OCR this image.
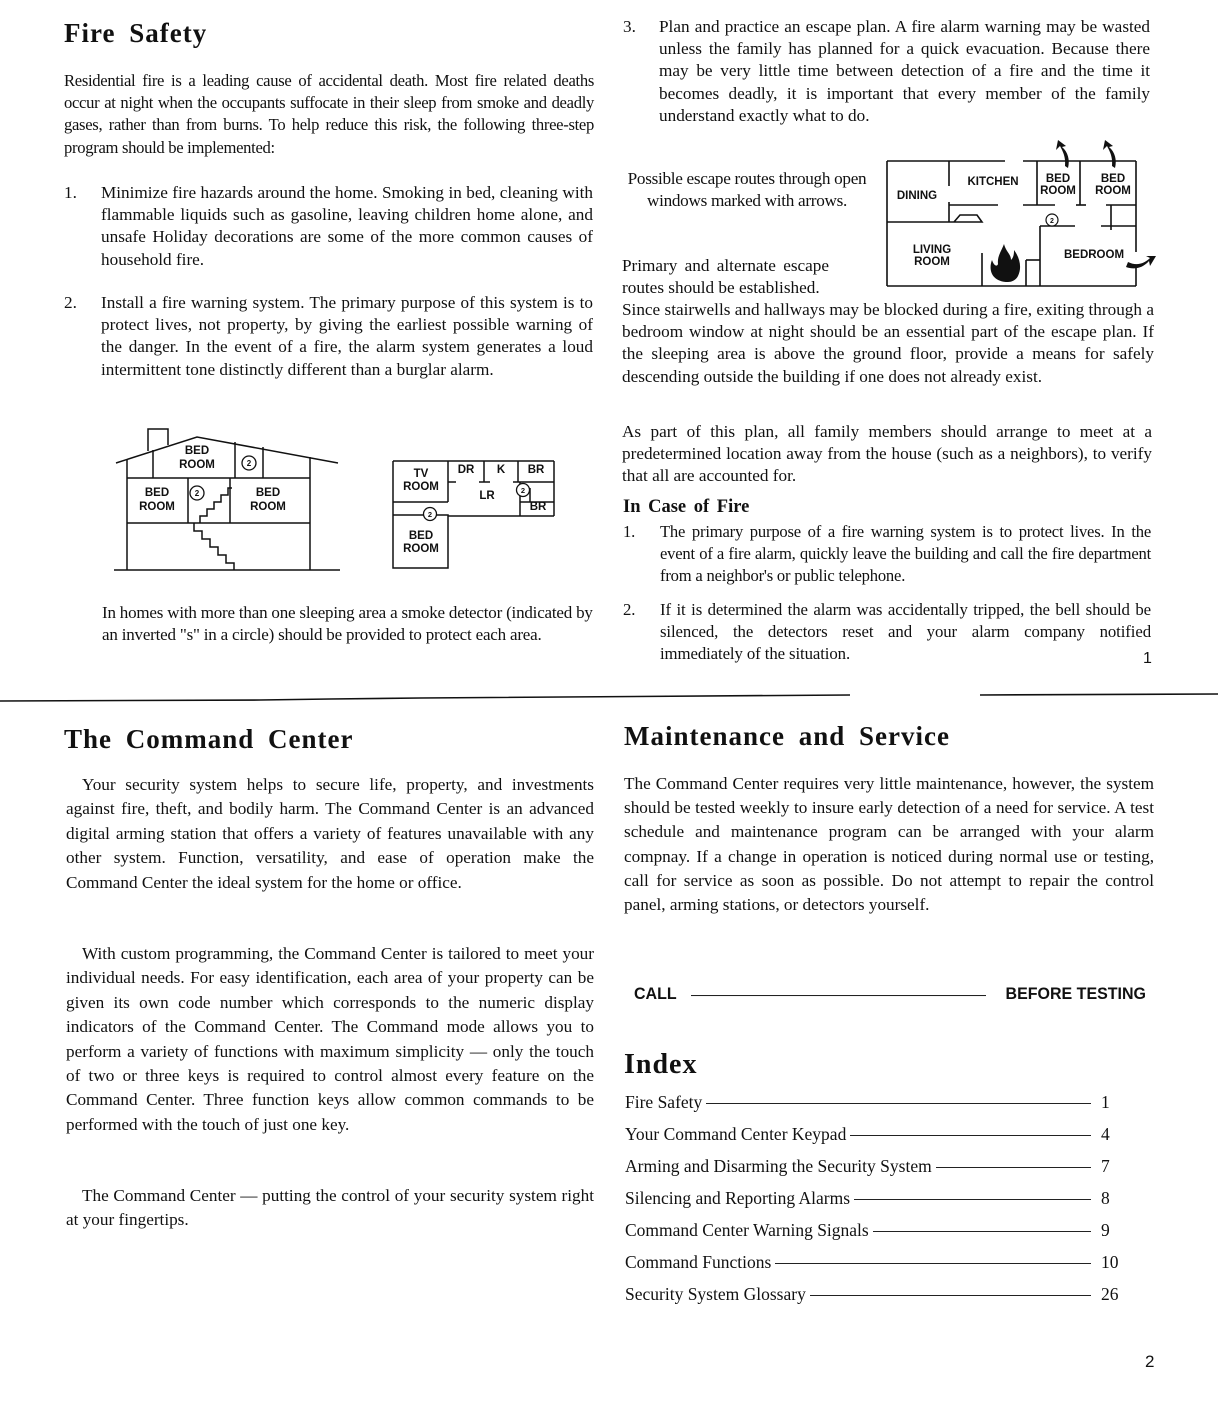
Fire Safety

Residential fire is a leading cause of accidental death. Most fire related deaths occur at night when the occupants suffocate in their sleep from smoke and deadly gases, rather than from burns. To help reduce this risk, the following three-step program should be implemented:

1. Minimize fire hazards around the home. Smoking in bed, cleaning with flammable liquids such as gasoline, leaving children home alone, and unsafe Holiday decorations are some of the more common causes of household fire.
2. Install a fire warning system. The primary purpose of this system is to protect lives, not property, by giving the earliest possible warning of the danger. In the event of a fire, the alarm system generates a loud intermittent tone distinctly different than a burglar alarm.
2
2
BED
ROOM
BED
ROOM
BED
ROOM
2
2
TV
ROOM
DR K BR
LR
BR
BED
ROOM

In homes with more than one sleeping area a smoke detector (indicated by an inverted "s" in a circle) should be provided to protect each area.

3. Plan and practice an escape plan. A fire alarm warning may be wasted unless the family has planned for a quick evacuation. Because there may be very little time between detection of a fire and the time it becomes deadly, it is important that every member of the family understand exactly what to do.

Possible escape routes through open windows marked with arrows.

Primary and alternate escape

routes should be established.

2
DINING
KITCHEN BED
ROOM
BED
ROOM
LIVING
ROOM
BEDROOM

Since stairwells and hallways may be blocked during a fire, exiting through a bedroom window at night should be an essential part of the escape plan. If the sleeping area is above the ground floor, provide a means for safely descending outside the building if one does not already exist.

As part of this plan, all family members should arrange to meet at a predetermined location away from the house (such as a neighbors), to verify that all are accounted for.

In Case of Fire
1. The primary purpose of a fire warning system is to protect lives. In the event of a fire alarm, quickly leave the building and call the fire department from a neighbor's or public telephone.
2. If it is determined the alarm was accidentally tripped, the bell should be silenced, the detectors reset and your alarm company notified immediately of the situation.	1
The Command Center

Your security system helps to secure life, property, and investments against fire, theft, and bodily harm. The Command Center is an advanced digital arming station that offers a variety of features unavailable with any other system. Function, versatility, and ease of operation make the Command Center the ideal system for the home or office.

With custom programming, the Command Center is tailored to meet your individual needs. For easy identification, each area of your property can be given its own code number which corresponds to the numeric display indicators of the Command Center. The Command mode allows you to perform a variety of functions with maximum simplicity — only the touch of two or three keys is required to control almost every feature on the Command Center. Three function keys allow common commands to be performed with the touch of just one key.

The Command Center — putting the control of your security system right at your fingertips.

Maintenance and Service

The Command Center requires very little maintenance, however, the system should be tested weekly to insure early detection of a need for service. A test schedule and maintenance program can be arranged with your alarm compnay. If a change in operation is noticed during normal use or testing, call for service as soon as possible. Do not attempt to repair the control panel, arming stations, or detectors yourself.

CALL	BEFORE TESTING
Index
Fire Safety	1
Your Command Center Keypad	4
Arming and Disarming the Security System	7
Silencing and Reporting Alarms	8
Command Center Warning Signals	9
Command Functions	10
Security System Glossary	26
2
